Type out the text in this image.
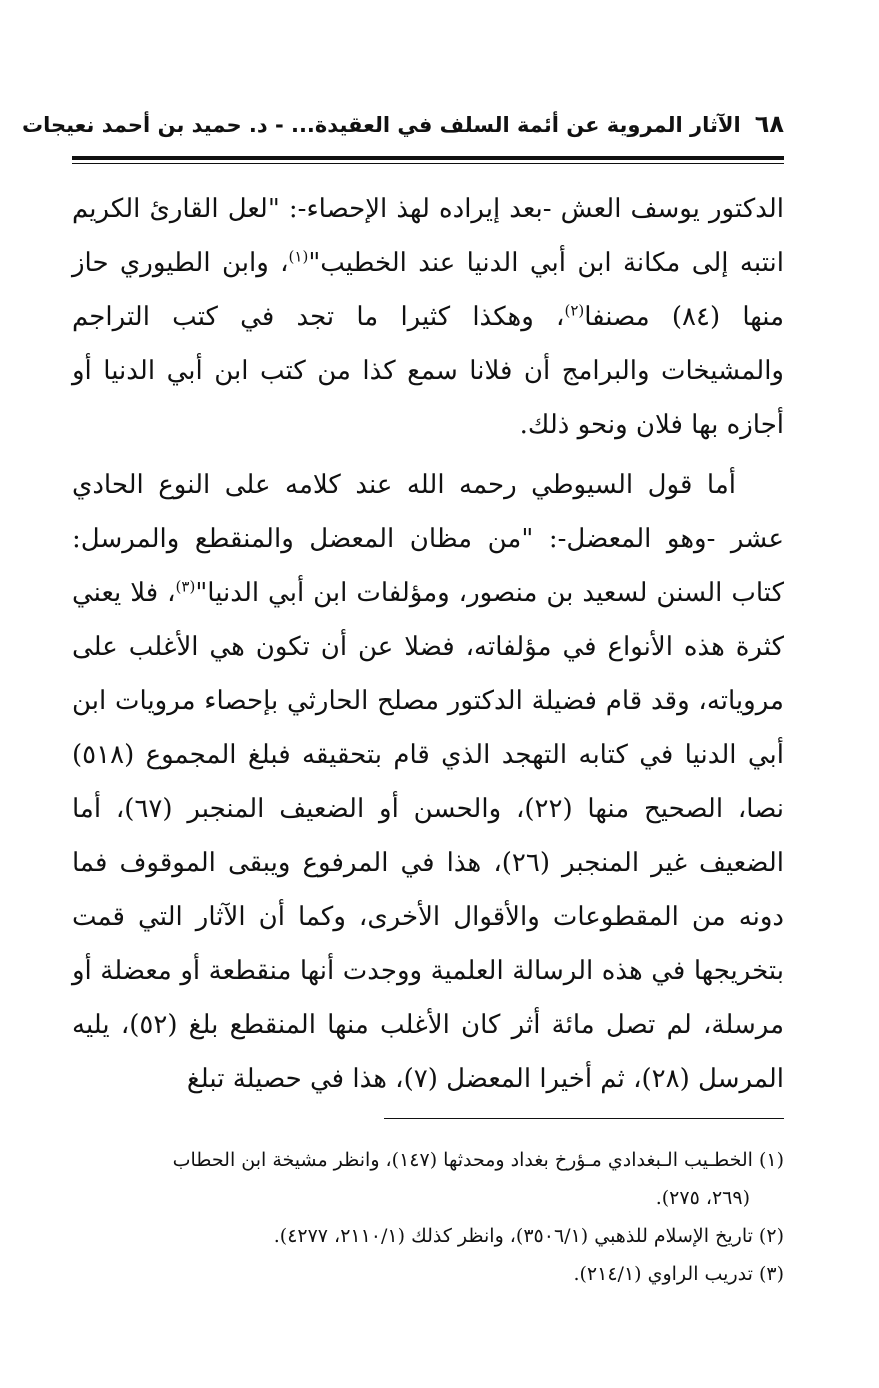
٦٨
الآثار المروية عن أئمة السلف في العقيدة... - د. حميد بن أحمد نعيجات

الدكتور يوسف العش -بعد إيراده لهذ الإحصاء-: "لعل القارئ الكريم انتبه إلى مكانة ابن أبي الدنيا عند الخطيب"$^{(١)}$، وابن الطيوري حاز منها (٨٤) مصنفا$^{(٢)}$، وهكذا كثيرا ما تجد في كتب التراجم والمشيخات والبرامج أن فلانا سمع كذا من كتب ابن أبي الدنيا أو أجازه بها فلان ونحو ذلك.

أما قول السيوطي رحمه الله عند كلامه على النوع الحادي عشر -وهو المعضل-: "من مظان المعضل والمنقطع والمرسل: كتاب السنن لسعيد بن منصور، ومؤلفات ابن أبي الدنيا"$^{(٣)}$، فلا يعني كثرة هذه الأنواع في مؤلفاته، فضلا عن أن تكون هي الأغلب على مروياته، وقد قام فضيلة الدكتور مصلح الحارثي بإحصاء مرويات ابن أبي الدنيا في كتابه التهجد الذي قام بتحقيقه فبلغ المجموع (٥١٨) نصا، الصحيح منها (٢٢)، والحسن أو الضعيف المنجبر (٦٧)، أما الضعيف غير المنجبر (٢٦)، هذا في المرفوع ويبقى الموقوف فما دونه من المقطوعات والأقوال الأخرى، وكما أن الآثار التي قمت بتخريجها في هذه الرسالة العلمية ووجدت أنها منقطعة أو معضلة أو مرسلة، لم تصل مائة أثر كان الأغلب منها المنقطع بلغ (٥٢)، يليه المرسل (٢٨)، ثم أخيرا المعضل (٧)، هذا في حصيلة تبلغ

(١) الخطـيب الـبغدادي مـؤرخ بغداد ومحدثها (١٤٧)، وانظر مشيخة ابن الحطاب

(٢٦٩، ٢٧٥).

(٢) تاريخ الإسلام للذهبي (٣٥٠٦/١)، وانظر كذلك (٢١١٠/١، ٤٢٧٧).

(٣) تدريب الراوي (٢١٤/١).
